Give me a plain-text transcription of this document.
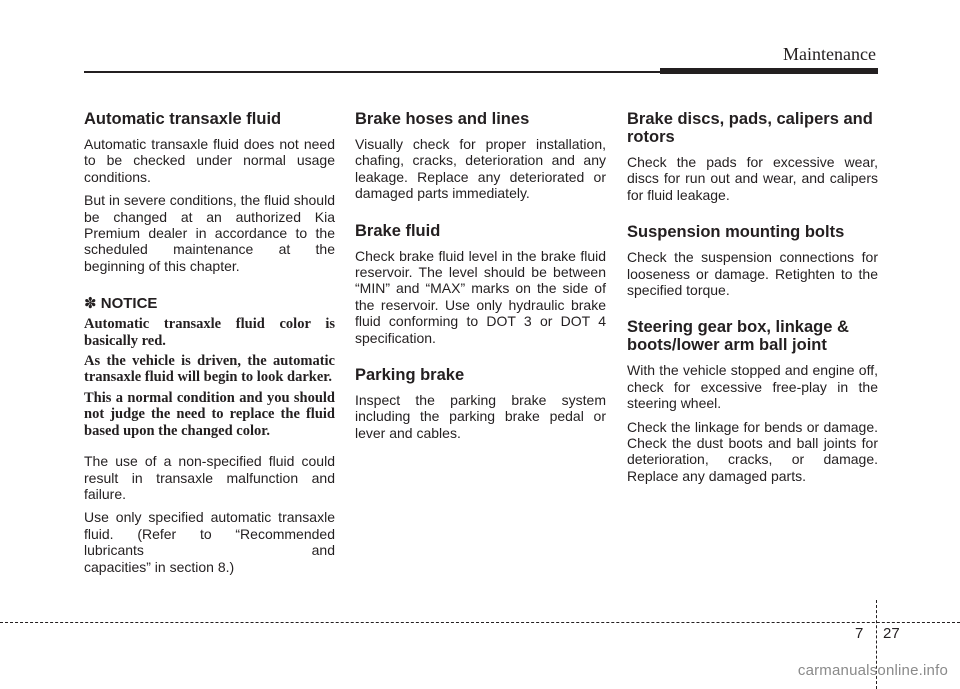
Maintenance
Automatic transaxle fluid

Automatic transaxle fluid does not need to be checked under normal usage conditions.

But in severe conditions, the fluid should be changed at an authorized Kia Premium dealer in accordance to the scheduled maintenance at the beginning of this chapter.

✽ NOTICE
Automatic transaxle fluid color is basically red.
As the vehicle is driven, the automatic transaxle fluid will begin to look darker.
This a normal condition and you should not judge the need to replace the fluid based upon the changed color.

The use of a non-specified fluid could result in transaxle malfunction and failure.

Use only specified automatic transaxle fluid. (Refer to “Recommended lubricants and

capacities” in section 8.)

Brake hoses and lines

Visually check for proper installation, chafing, cracks, deterioration and any leakage. Replace any deteriorated or damaged parts immediately.

Brake fluid

Check brake fluid level in the brake fluid reservoir. The level should be between “MIN” and “MAX” marks on the side of the reservoir. Use only hydraulic brake fluid conforming to DOT 3 or DOT 4 specification.

Parking brake

Inspect the parking brake system including the parking brake pedal or lever and cables.

Brake discs, pads, calipers and rotors

Check the pads for excessive wear, discs for run out and wear, and calipers for fluid leakage.

Suspension mounting bolts

Check the suspension connections for looseness or damage. Retighten to the specified torque.

Steering gear box, linkage & boots/lower arm ball joint

With the vehicle stopped and engine off, check for excessive free-play in the steering wheel.

Check the linkage for bends or damage. Check the dust boots and ball joints for deterioration, cracks, or damage. Replace any damaged parts.

7 27
carmanualsonline.info
